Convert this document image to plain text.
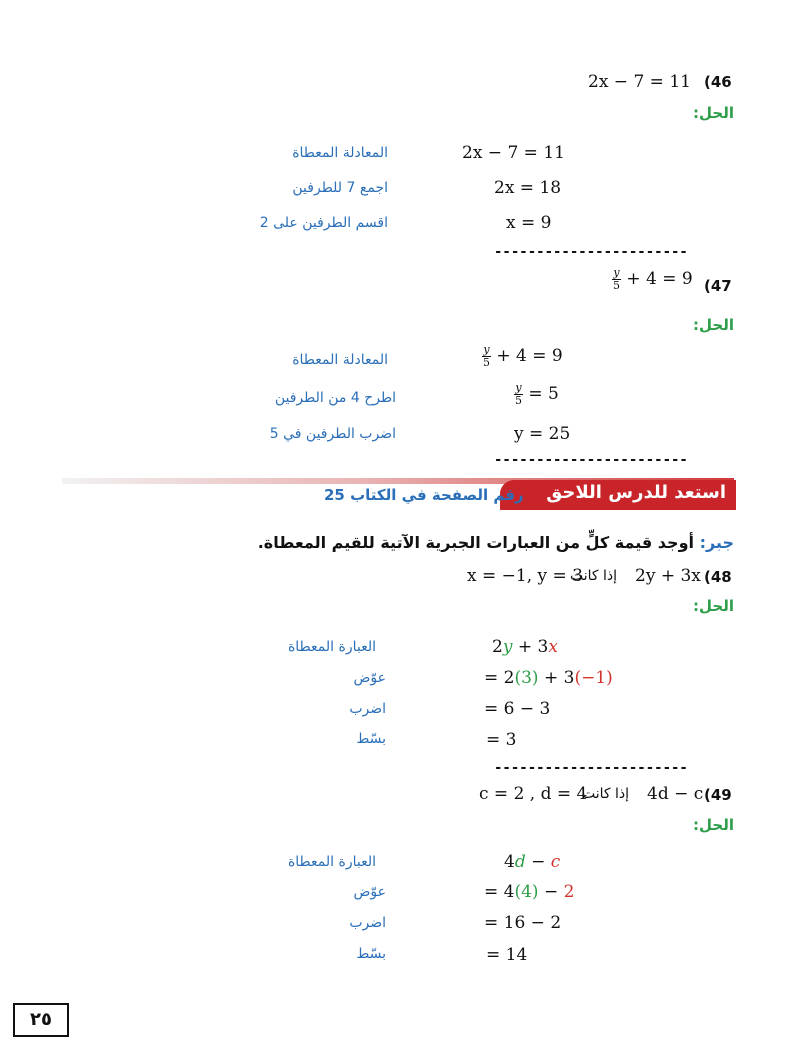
2x − 7 = 11 (46
الحل:
2x − 7 = 11
المعادلة المعطاة
2x = 18
اجمع 7 للطرفين
x = 9
اقسم الطرفين على 2
-----------------------
$\frac{y}{5} + 4 = 9$ (47
الحل:
$\frac{y}{5} + 4 = 9$
المعادلة المعطاة
$\frac{y}{5} = 5$
اطرح 4 من الطرفين
y = 25
اضرب الطرفين في 5
-----------------------
استعد للدرس اللاحق
رقم الصفحة في الكتاب 25
جبر: أوجد قيمة كلٍّ من العبارات الجبرية الآتية للقيم المعطاة.
x = −1, y = 3
إذا كانت 2y + 3x (48
الحل:
2y + 3x
العبارة المعطاة
= 2(3) + 3(−1)
عوّض
= 6 − 3
اضرب
= 3
بسّط
-----------------------
c = 2 , d = 4
إذا كانت 4d − c (49
الحل:
4d − c
العبارة المعطاة
= 4(4) − 2
عوّض
= 16 − 2
اضرب
= 14
بسّط
٢٥
